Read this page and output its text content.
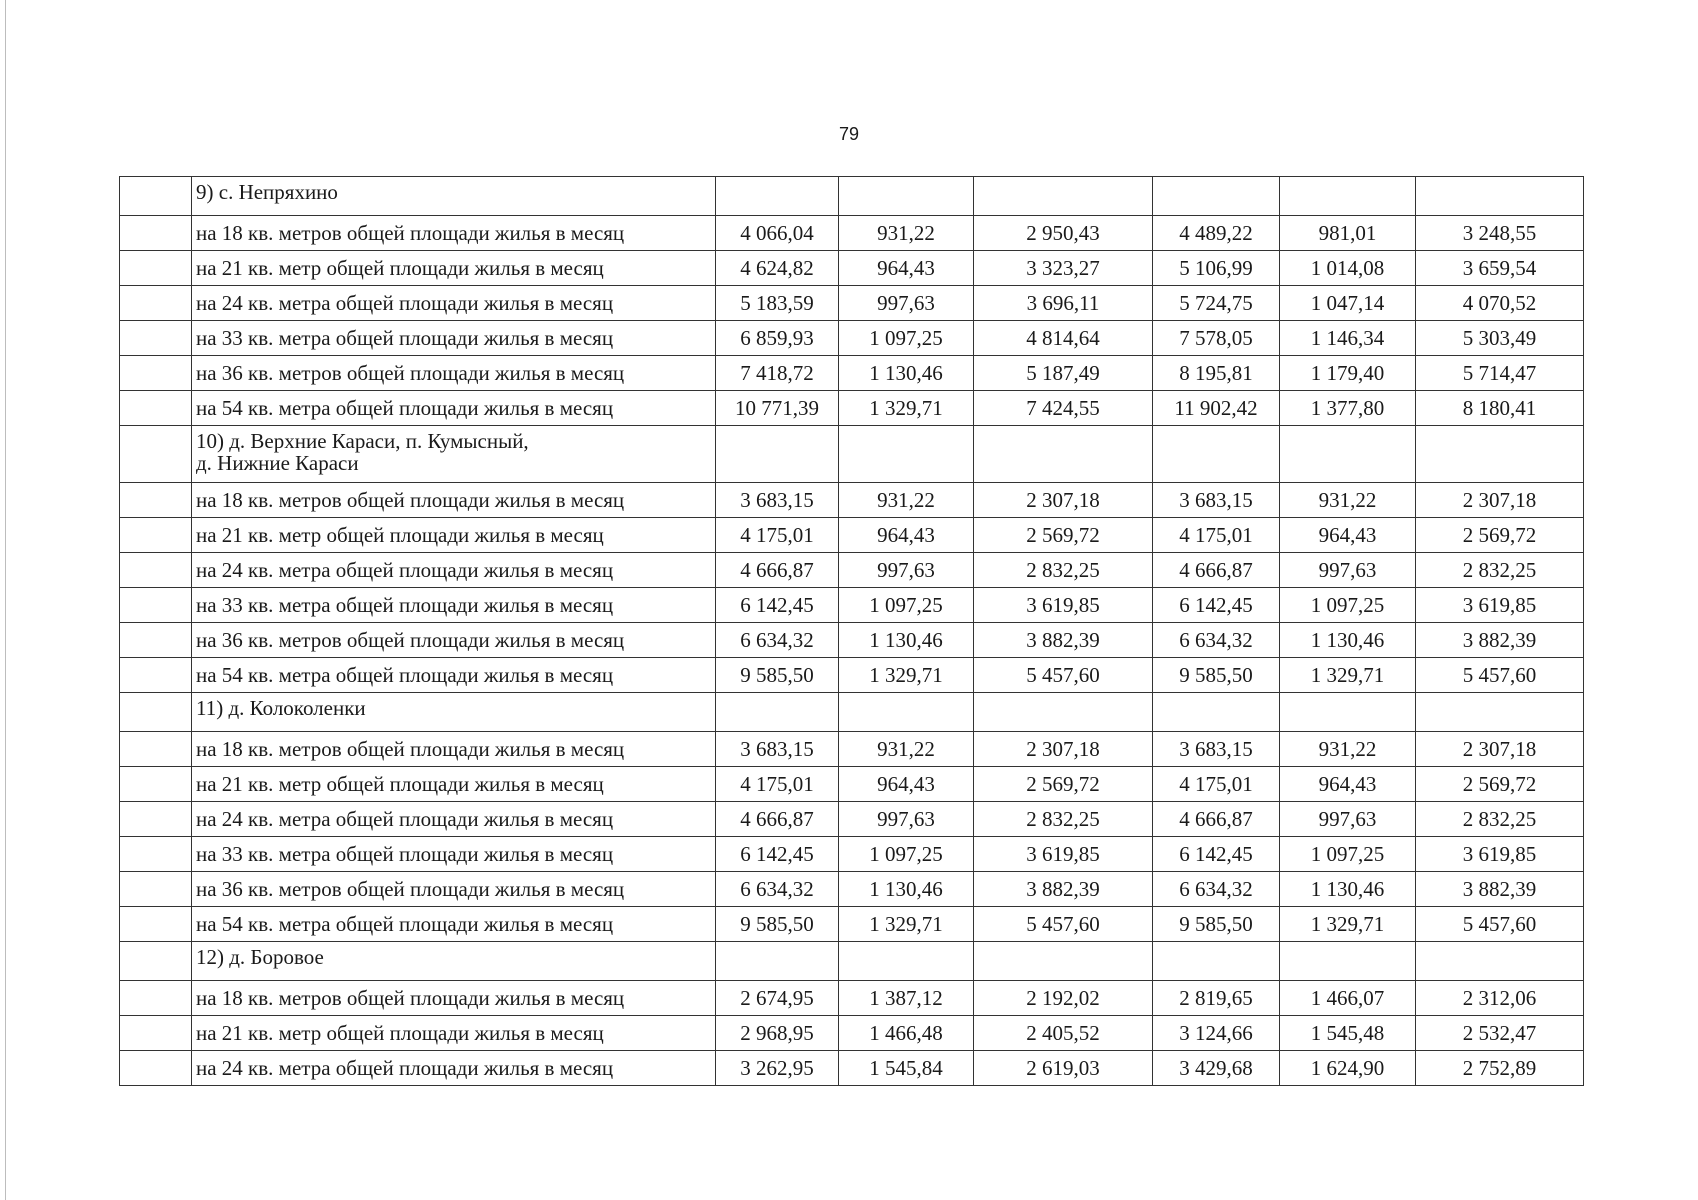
79

	9) с. Непряхино						

	на 18 кв. метров общей площади жилья в месяц	4 066,04	931,22	2 950,43	4 489,22	981,01	3 248,55
	на 21 кв. метр общей площади жилья в месяц	4 624,82	964,43	3 323,27	5 106,99	1 014,08	3 659,54
	на 24 кв. метра общей площади жилья в месяц	5 183,59	997,63	3 696,11	5 724,75	1 047,14	4 070,52
	на 33 кв. метра общей площади жилья в месяц	6 859,93	1 097,25	4 814,64	7 578,05	1 146,34	5 303,49
	на 36 кв. метров общей площади жилья в месяц	7 418,72	1 130,46	5 187,49	8 195,81	1 179,40	5 714,47
	на 54 кв. метра общей площади жилья в месяц	10 771,39	1 329,71	7 424,55	11 902,42	1 377,80	8 180,41

	10) д. Верхние Караси, п. Кумысный,
д. Нижние Караси						

	на 18 кв. метров общей площади жилья в месяц	3 683,15	931,22	2 307,18	3 683,15	931,22	2 307,18
	на 21 кв. метр общей площади жилья в месяц	4 175,01	964,43	2 569,72	4 175,01	964,43	2 569,72
	на 24 кв. метра общей площади жилья в месяц	4 666,87	997,63	2 832,25	4 666,87	997,63	2 832,25
	на 33 кв. метра общей площади жилья в месяц	6 142,45	1 097,25	3 619,85	6 142,45	1 097,25	3 619,85
	на 36 кв. метров общей площади жилья в месяц	6 634,32	1 130,46	3 882,39	6 634,32	1 130,46	3 882,39
	на 54 кв. метра общей площади жилья в месяц	9 585,50	1 329,71	5 457,60	9 585,50	1 329,71	5 457,60

	11) д. Колоколенки						

	на 18 кв. метров общей площади жилья в месяц	3 683,15	931,22	2 307,18	3 683,15	931,22	2 307,18
	на 21 кв. метр общей площади жилья в месяц	4 175,01	964,43	2 569,72	4 175,01	964,43	2 569,72
	на 24 кв. метра общей площади жилья в месяц	4 666,87	997,63	2 832,25	4 666,87	997,63	2 832,25
	на 33 кв. метра общей площади жилья в месяц	6 142,45	1 097,25	3 619,85	6 142,45	1 097,25	3 619,85
	на 36 кв. метров общей площади жилья в месяц	6 634,32	1 130,46	3 882,39	6 634,32	1 130,46	3 882,39
	на 54 кв. метра общей площади жилья в месяц	9 585,50	1 329,71	5 457,60	9 585,50	1 329,71	5 457,60

	12) д. Боровое						

	на 18 кв. метров общей площади жилья в месяц	2 674,95	1 387,12	2 192,02	2 819,65	1 466,07	2 312,06
	на 21 кв. метр общей площади жилья в месяц	2 968,95	1 466,48	2 405,52	3 124,66	1 545,48	2 532,47
	на 24 кв. метра общей площади жилья в месяц	3 262,95	1 545,84	2 619,03	3 429,68	1 624,90	2 752,89
